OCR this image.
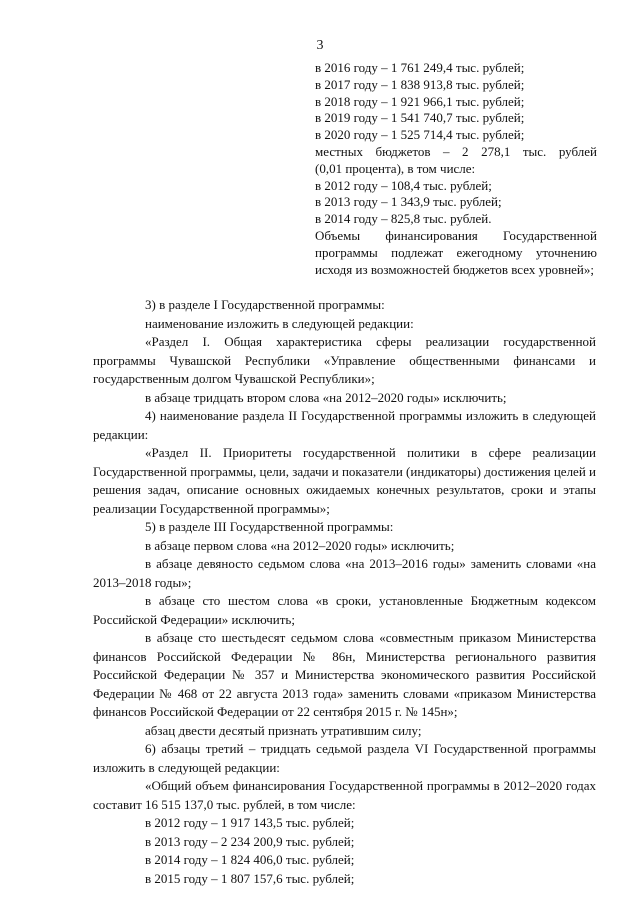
3

в 2016 году – 1 761 249,4 тыс. рублей;

в 2017 году – 1 838 913,8 тыс. рублей;

в 2018 году – 1 921 966,1 тыс. рублей;

в 2019 году – 1 541 740,7 тыс. рублей;

в 2020 году – 1 525 714,4 тыс. рублей;

местных бюджетов – 2 278,1 тыс. рублей

(0,01 процента), в том числе:

в 2012 году – 108,4 тыс. рублей;

в 2013 году – 1 343,9 тыс. рублей;

в 2014 году – 825,8 тыс. рублей.

Объемы финансирования Государственной программы подлежат ежегодному уточнению исходя из возможностей бюджетов всех уровней»;

3) в разделе I Государственной программы:

наименование изложить в следующей редакции:

«Раздел I. Общая характеристика сферы реализации государственной программы Чувашской Республики «Управление общественными финансами и государственным долгом Чувашской Республики»;

в абзаце тридцать втором слова «на 2012–2020 годы» исключить;

4) наименование раздела II Государственной программы изложить в следующей редакции:

«Раздел II. Приоритеты государственной политики в сфере реализации Государственной программы, цели, задачи и показатели (индикаторы) достижения целей и решения задач, описание основных ожидаемых конечных результатов, сроки и этапы реализации Государственной программы»;

5) в разделе III Государственной программы:

в абзаце первом слова «на 2012–2020 годы» исключить;

в абзаце девяносто седьмом слова «на 2013–2016 годы» заменить словами «на 2013–2018 годы»;

в абзаце сто шестом слова «в сроки, установленные Бюджетным кодексом Российской Федерации» исключить;

в абзаце сто шестьдесят седьмом слова «совместным приказом Министерства финансов Российской Федерации № 86н, Министерства регионального развития Российской Федерации № 357 и Министерства экономического развития Российской Федерации № 468 от 22 августа 2013 года» заменить словами «приказом Министерства финансов Российской Федерации от 22 сентября 2015 г. № 145н»;

абзац двести десятый признать утратившим силу;

6) абзацы третий – тридцать седьмой раздела VI Государственной программы изложить в следующей редакции:

«Общий объем финансирования Государственной программы в 2012–2020 годах составит 16 515 137,0 тыс. рублей, в том числе:

в 2012 году – 1 917 143,5 тыс. рублей;

в 2013 году – 2 234 200,9 тыс. рублей;

в 2014 году – 1 824 406,0 тыс. рублей;

в 2015 году – 1 807 157,6 тыс. рублей;
